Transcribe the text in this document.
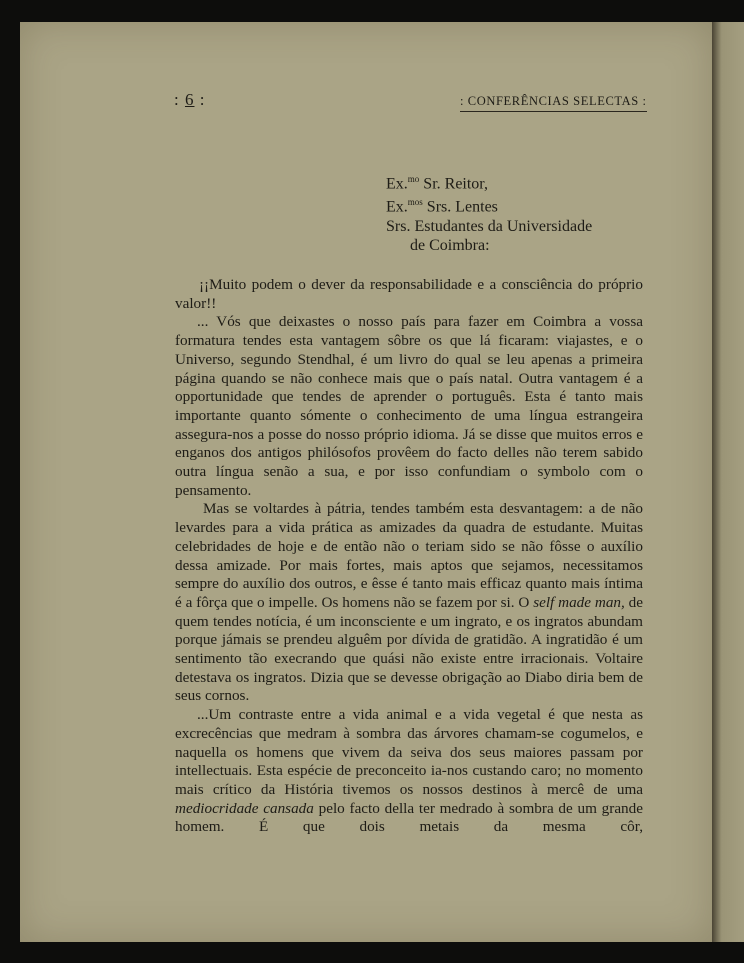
: 6 :	: CONFERÊNCIAS SELECTAS :
Ex.$^{mo}$ Sr. Reitor,
Ex.$^{mos}$ Srs. Lentes
Srs. Estudantes da Universidade
de Coimbra:

¡¡Muito podem o dever da responsabilidade e a consciência do próprio valor!!

... Vós que deixastes o nosso país para fazer em Coimbra a vossa formatura tendes esta vantagem sôbre os que lá ficaram: viajastes, e o Universo, segundo Stendhal, é um livro do qual se leu apenas a primeira página quando se não conhece mais que o país natal. Outra vantagem é a opportunidade que tendes de aprender o português. Esta é tanto mais importante quanto sómente o conhecimento de uma língua estrangeira assegura-nos a posse do nosso próprio idioma. Já se disse que muitos erros e enganos dos antigos philósofos provêem do facto delles não terem sabido outra língua senão a sua, e por isso confundiam o symbolo com o pensamento.

Mas se voltardes à pátria, tendes também esta desvantagem: a de não levardes para a vida prática as amizades da quadra de estudante. Muitas celebridades de hoje e de então não o teriam sido se não fôsse o auxílio dessa amizade. Por mais fortes, mais aptos que sejamos, necessitamos sempre do auxílio dos outros, e êsse é tanto mais efficaz quanto mais íntima é a fôrça que o impelle. Os homens não se fazem por si. O self made man, de quem tendes notícia, é um inconsciente e um ingrato, e os ingratos abundam porque jámais se prendeu alguêm por dívida de gratidão. A ingratidão é um sentimento tão execrando que quási não existe entre irracionais. Voltaire detestava os ingratos. Dizia que se devesse obrigação ao Diabo diria bem de seus cornos.

...Um contraste entre a vida animal e a vida vegetal é que nesta as excrecências que medram à sombra das árvores chamam-se cogumelos, e naquella os homens que vivem da seiva dos seus maiores passam por intellectuais. Esta espécie de preconceito ia-nos custando caro; no momento mais crítico da História tivemos os nossos destinos à mercê de uma mediocridade cansada pelo facto della ter medrado à sombra de um grande homem. É que dois metais da mesma côr,
